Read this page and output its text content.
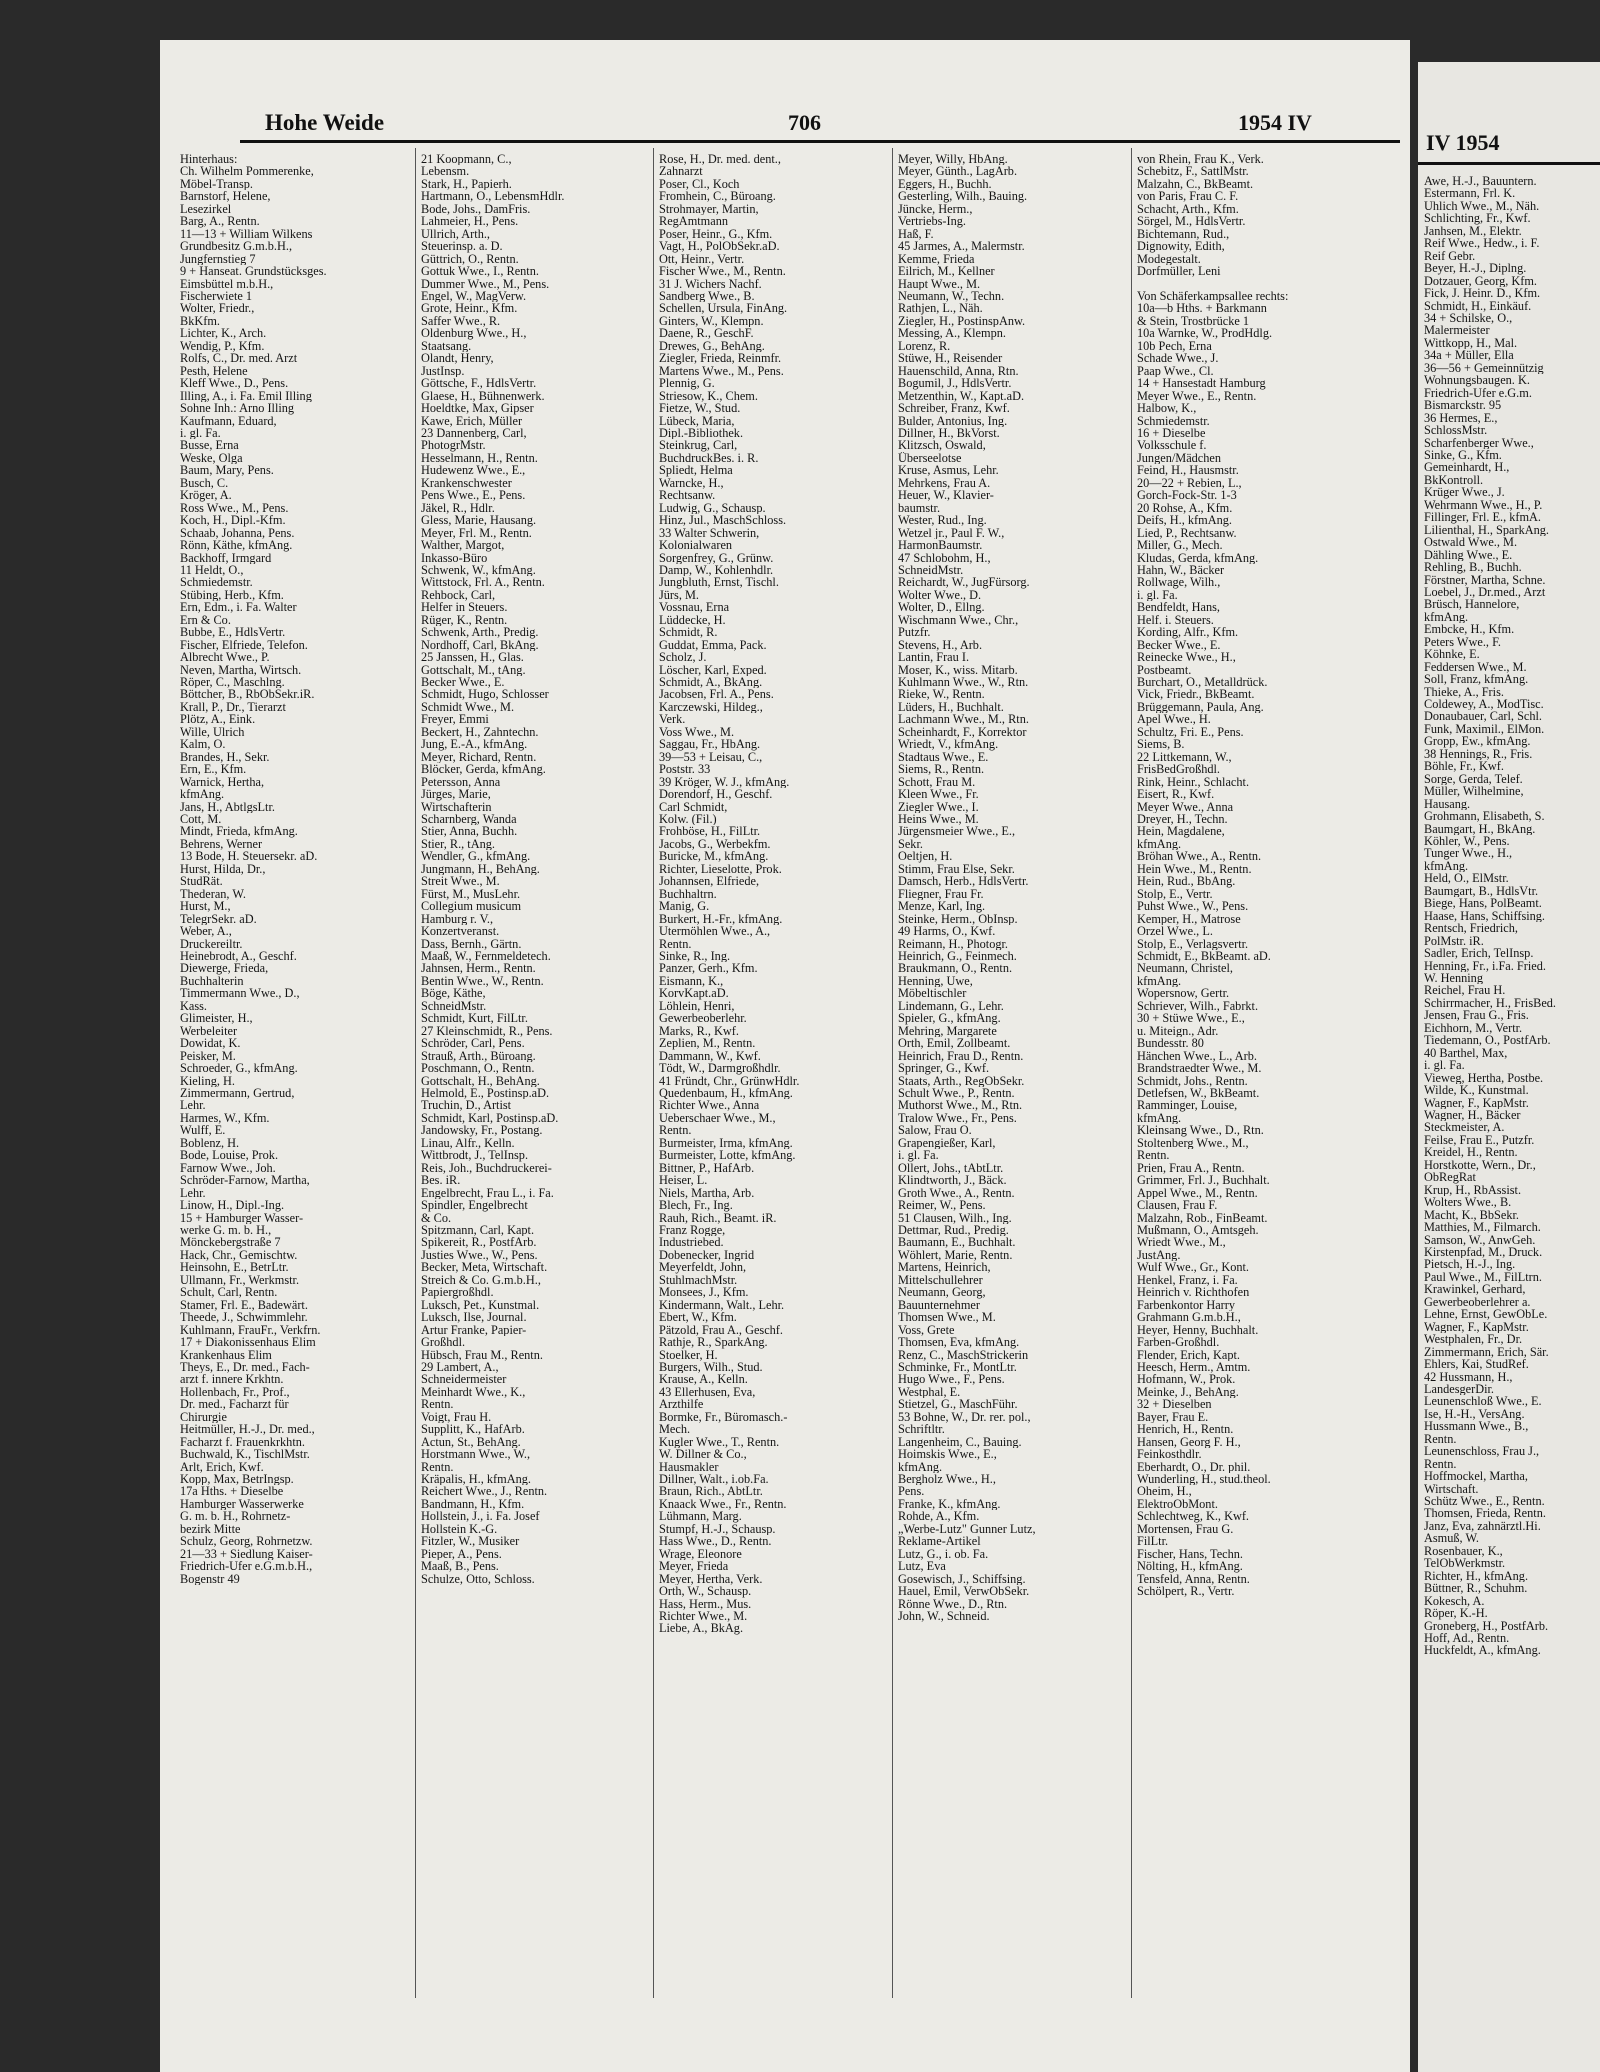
Hohe Weide	706	1954 IV
Hinterhaus:
Ch. Wilhelm Pommerenke,
Möbel-Transp.
Barnstorf, Helene,
Lesezirkel
Barg, A., Rentn.
11—13 + William Wilkens
Grundbesitz G.m.b.H.,
Jungfernstieg 7
9 + Hanseat. Grundstücksges.
Eimsbüttel m.b.H.,
Fischerwiete 1
Wolter, Friedr.,
BkKfm.
Lichter, K., Arch.
Wendig, P., Kfm.
Rolfs, C., Dr. med. Arzt
Pesth, Helene
Kleff Wwe., D., Pens.
Illing, A., i. Fa. Emil Illing
Sohne Inh.: Arno Illing
Kaufmann, Eduard,
i. gl. Fa.
Busse, Erna
Weske, Olga
Baum, Mary, Pens.
Busch, C.
Kröger, A.
Ross Wwe., M., Pens.
Koch, H., Dipl.-Kfm.
Schaab, Johanna, Pens.
Rönn, Käthe, kfmAng.
Backhoff, Irmgard
11 Heldt, O.,
Schmiedemstr.
Stübing, Herb., Kfm.
Ern, Edm., i. Fa. Walter
Ern & Co.
Bubbe, E., HdlsVertr.
Fischer, Elfriede, Telefon.
Albrecht Wwe., P.
Neven, Martha, Wirtsch.
Röper, C., Maschlng.
Böttcher, B., RbObSekr.iR.
Krall, P., Dr., Tierarzt
Plötz, A., Eink.
Wille, Ulrich
Kalm, O.
Brandes, H., Sekr.
Ern, E., Kfm.
Warnick, Hertha,
kfmAng.
Jans, H., AbtlgsLtr.
Cott, M.
Mindt, Frieda, kfmAng.
Behrens, Werner
13 Bode, H. Steuersekr. aD.
Hurst, Hilda, Dr.,
StudRät.
Thederan, W.
Hurst, M.,
TelegrSekr. aD.
Weber, A.,
Druckereiltr.
Heinebrodt, A., Geschf.
Diewerge, Frieda,
Buchhalterin
Timmermann Wwe., D.,
Kass.
Glimeister, H.,
Werbeleiter
Dowidat, K.
Peisker, M.
Schroeder, G., kfmAng.
Kieling, H.
Zimmermann, Gertrud,
Lehr.
Harmes, W., Kfm.
Wulff, E.
Boblenz, H.
Bode, Louise, Prok.
Farnow Wwe., Joh.
Schröder-Farnow, Martha,
Lehr.
Linow, H., Dipl.-Ing.
15 + Hamburger Wasser-
werke G. m. b. H.,
Mönckebergstraße 7
Hack, Chr., Gemischtw.
Heinsohn, E., BetrLtr.
Ullmann, Fr., Werkmstr.
Schult, Carl, Rentn.
Stamer, Frl. E., Badewärt.
Theede, J., Schwimmlehr.
Kuhlmann, FrauFr., Verkfrn.
17 + Diakonissenhaus Elim
Krankenhaus Elim
Theys, E., Dr. med., Fach-
arzt f. innere Krkhtn.
Hollenbach, Fr., Prof.,
Dr. med., Facharzt für
Chirurgie
Heitmüller, H.-J., Dr. med.,
Facharzt f. Frauenkrkhtn.
Buchwald, K., TischlMstr.
Arlt, Erich, Kwf.
Kopp, Max, BetrIngsp.
17a Hths. + Dieselbe
Hamburger Wasserwerke
G. m. b. H., Rohrnetz-
bezirk Mitte
Schulz, Georg, Rohrnetzw.
21—33 + Siedlung Kaiser-
Friedrich-Ufer e.G.m.b.H.,
Bogenstr 49
21 Koopmann, C.,
Lebensm.
Stark, H., Papierh.
Hartmann, O., LebensmHdlr.
Bode, Johs., DamFris.
Lahmeier, H., Pens.
Ullrich, Arth.,
Steuerinsp. a. D.
Güttrich, O., Rentn.
Gottuk Wwe., I., Rentn.
Dummer Wwe., M., Pens.
Engel, W., MagVerw.
Grote, Heinr., Kfm.
Saffer Wwe., R.
Oldenburg Wwe., H.,
Staatsang.
Olandt, Henry,
JustInsp.
Göttsche, F., HdlsVertr.
Glaese, H., Bühnenwerk.
Hoeldtke, Max, Gipser
Kawe, Erich, Müller
23 Dannenberg, Carl,
PhotogrMstr.
Hesselmann, H., Rentn.
Hudewenz Wwe., E.,
Krankenschwester
Pens Wwe., E., Pens.
Jäkel, R., Hdlr.
Gless, Marie, Hausang.
Meyer, Frl. M., Rentn.
Walther, Margot,
Inkasso-Büro
Schwenk, W., kfmAng.
Wittstock, Frl. A., Rentn.
Rehbock, Carl,
Helfer in Steuers.
Rüger, K., Rentn.
Schwenk, Arth., Predig.
Nordhoff, Carl, BkAng.
25 Janssen, H., Glas.
Gottschalt, M., tAng.
Becker Wwe., E.
Schmidt, Hugo, Schlosser
Schmidt Wwe., M.
Freyer, Emmi
Beckert, H., Zahntechn.
Jung, E.-A., kfmAng.
Meyer, Richard, Rentn.
Blöcker, Gerda, kfmAng.
Petersson, Anna
Jürges, Marie,
Wirtschafterin
Scharnberg, Wanda
Stier, Anna, Buchh.
Stier, R., tAng.
Wendler, G., kfmAng.
Jungmann, H., BehAng.
Streit Wwe., M.
Fürst, M., MusLehr.
Collegium musicum
Hamburg r. V.,
Konzertveranst.
Dass, Bernh., Gärtn.
Maaß, W., Fernmeldetech.
Jahnsen, Herm., Rentn.
Bentin Wwe., W., Rentn.
Böge, Käthe,
SchneidMstr.
Schmidt, Kurt, FilLtr.
27 Kleinschmidt, R., Pens.
Schröder, Carl, Pens.
Strauß, Arth., Büroang.
Poschmann, O., Rentn.
Gottschalt, H., BehAng.
Helmold, E., Postinsp.aD.
Truchin, D., Artist
Schmidt, Karl, Postinsp.aD.
Jandowsky, Fr., Postang.
Linau, Alfr., Kelln.
Wittbrodt, J., TelInsp.
Reis, Joh., Buchdruckerei-
Bes. iR.
Engelbrecht, Frau L., i. Fa.
Spindler, Engelbrecht
& Co.
Spitzmann, Carl, Kapt.
Spikereit, R., PostfArb.
Justies Wwe., W., Pens.
Becker, Meta, Wirtschaft.
Streich & Co. G.m.b.H.,
Papiergroßhdl.
Luksch, Pet., Kunstmal.
Luksch, Ilse, Journal.
Artur Franke, Papier-
Großhdl.
Hübsch, Frau M., Rentn.
29 Lambert, A.,
Schneidermeister
Meinhardt Wwe., K.,
Rentn.
Voigt, Frau H.
Supplitt, K., HafArb.
Actun, St., BehAng.
Horstmann Wwe., W.,
Rentn.
Kräpalis, H., kfmAng.
Reichert Wwe., J., Rentn.
Bandmann, H., Kfm.
Hollstein, J., i. Fa. Josef
Hollstein K.-G.
Fitzler, W., Musiker
Pieper, A., Pens.
Maaß, B., Pens.
Schulze, Otto, Schloss.
Rose, H., Dr. med. dent.,
Zahnarzt
Poser, Cl., Koch
Fromhein, C., Büroang.
Strohmayer, Martin,
RegAmtmann
Poser, Heinr., G., Kfm.
Vagt, H., PolObSekr.aD.
Ott, Heinr., Vertr.
Fischer Wwe., M., Rentn.
31 J. Wichers Nachf.
Sandberg Wwe., B.
Schellen, Ursula, FinAng.
Ginters, W., Klempn.
Daene, R., GeschF.
Drewes, G., BehAng.
Ziegler, Frieda, Reinmfr.
Martens Wwe., M., Pens.
Plennig, G.
Striesow, K., Chem.
Fietze, W., Stud.
Lübeck, Maria,
Dipl.-Bibliothek.
Steinkrug, Carl,
BuchdruckBes. i. R.
Spliedt, Helma
Warncke, H.,
Rechtsanw.
Ludwig, G., Schausp.
Hinz, Jul., MaschSchloss.
33 Walter Schwerin,
Kolonialwaren
Sorgenfrey, G., Grünw.
Damp, W., Kohlenhdlr.
Jungbluth, Ernst, Tischl.
Jürs, M.
Vossnau, Erna
Lüddecke, H.
Schmidt, R.
Guddat, Emma, Pack.
Scholz, J.
Löscher, Karl, Exped.
Schmidt, A., BkAng.
Jacobsen, Frl. A., Pens.
Karczewski, Hildeg.,
Verk.
Voss Wwe., M.
Saggau, Fr., HbAng.
39—53 + Leisau, C.,
Poststr. 33
39 Kröger, W. J., kfmAng.
Dorendorf, H., Geschf.
Carl Schmidt,
Kolw. (Fil.)
Frohböse, H., FilLtr.
Jacobs, G., Werbekfm.
Buricke, M., kfmAng.
Richter, Lieselotte, Prok.
Johannsen, Elfriede,
Buchhaltrn.
Manig, G.
Burkert, H.-Fr., kfmAng.
Utermöhlen Wwe., A.,
Rentn.
Sinke, R., Ing.
Panzer, Gerh., Kfm.
Eismann, K.,
KorvKapt.aD.
Löhlein, Henri,
Gewerbeoberlehr.
Marks, R., Kwf.
Zeplien, M., Rentn.
Dammann, W., Kwf.
Tödt, W., Darmgroßhdlr.
41 Fründt, Chr., GrünwHdlr.
Quedenbaum, H., kfmAng.
Richter Wwe., Anna
Ueberschaer Wwe., M.,
Rentn.
Burmeister, Irma, kfmAng.
Burmeister, Lotte, kfmAng.
Bittner, P., HafArb.
Heiser, L.
Niels, Martha, Arb.
Blech, Fr., Ing.
Rauh, Rich., Beamt. iR.
Franz Rogge,
Industriebed.
Dobenecker, Ingrid
Meyerfeldt, John,
StuhlmachMstr.
Monsees, J., Kfm.
Kindermann, Walt., Lehr.
Ebert, W., Kfm.
Pätzold, Frau A., Geschf.
Rathje, R., SparkAng.
Stoelker, H.
Burgers, Wilh., Stud.
Krause, A., Kelln.
43 Ellerhusen, Eva,
Arzthilfe
Bormke, Fr., Büromasch.-
Mech.
Kugler Wwe., T., Rentn.
W. Dillner & Co.,
Hausmakler
Dillner, Walt., i.ob.Fa.
Braun, Rich., AbtLtr.
Knaack Wwe., Fr., Rentn.
Lühmann, Marg.
Stumpf, H.-J., Schausp.
Hass Wwe., D., Rentn.
Wrage, Eleonore
Meyer, Frieda
Meyer, Hertha, Verk.
Orth, W., Schausp.
Hass, Herm., Mus.
Richter Wwe., M.
Liebe, A., BkAg.
Meyer, Willy, HbAng.
Meyer, Günth., LagArb.
Eggers, H., Buchh.
Gesterling, Wilh., Bauing.
Jüncke, Herm.,
Vertriebs-Ing.
Haß, F.
45 Jarmes, A., Malermstr.
Kemme, Frieda
Eilrich, M., Kellner
Haupt Wwe., M.
Neumann, W., Techn.
Rathjen, L., Näh.
Ziegler, H., PostinspAnw.
Messing, A., Klempn.
Lorenz, R.
Stüwe, H., Reisender
Hauenschild, Anna, Rtn.
Bogumil, J., HdlsVertr.
Metzenthin, W., Kapt.aD.
Schreiber, Franz, Kwf.
Bulder, Antonius, Ing.
Dillner, H., BkVorst.
Klitzsch, Oswald,
Überseelotse
Kruse, Asmus, Lehr.
Mehrkens, Frau A.
Heuer, W., Klavier-
baumstr.
Wester, Rud., Ing.
Wetzel jr., Paul F. W.,
HarmonBaumstr.
47 Schlobohm, H.,
SchneidMstr.
Reichardt, W., JugFürsorg.
Wolter Wwe., D.
Wolter, D., Ellng.
Wischmann Wwe., Chr.,
Putzfr.
Stevens, H., Arb.
Lantin, Frau I.
Moser, K., wiss. Mitarb.
Kuhlmann Wwe., W., Rtn.
Rieke, W., Rentn.
Lüders, H., Buchhalt.
Lachmann Wwe., M., Rtn.
Scheinhardt, F., Korrektor
Wriedt, V., kfmAng.
Stadtaus Wwe., E.
Siems, R., Rentn.
Schott, Frau M.
Kleen Wwe., Fr.
Ziegler Wwe., I.
Heins Wwe., M.
Jürgensmeier Wwe., E.,
Sekr.
Oeltjen, H.
Stimm, Frau Else, Sekr.
Damsch, Herb., HdlsVertr.
Fliegner, Frau Fr.
Menze, Karl, Ing.
Steinke, Herm., ObInsp.
49 Harms, O., Kwf.
Reimann, H., Photogr.
Heinrich, G., Feinmech.
Braukmann, O., Rentn.
Henning, Uwe,
Möbeltischler
Lindemann, G., Lehr.
Spieler, G., kfmAng.
Mehring, Margarete
Orth, Emil, Zollbeamt.
Heinrich, Frau D., Rentn.
Springer, G., Kwf.
Staats, Arth., RegObSekr.
Schult Wwe., P., Rentn.
Muthorst Wwe., M., Rtn.
Tralow Wwe., Fr., Pens.
Salow, Frau O.
Grapengießer, Karl,
i. gl. Fa.
Ollert, Johs., tAbtLtr.
Klindtworth, J., Bäck.
Groth Wwe., A., Rentn.
Reimer, W., Pens.
51 Clausen, Wilh., Ing.
Dettmar, Rud., Predig.
Baumann, E., Buchhalt.
Wöhlert, Marie, Rentn.
Martens, Heinrich,
Mittelschullehrer
Neumann, Georg,
Bauunternehmer
Thomsen Wwe., M.
Voss, Grete
Thomsen, Eva, kfmAng.
Renz, C., MaschStrickerin
Schminke, Fr., MontLtr.
Hugo Wwe., F., Pens.
Westphal, E.
Stietzel, G., MaschFühr.
53 Bohne, W., Dr. rer. pol.,
Schriftltr.
Langenheim, C., Bauing.
Hoimskis Wwe., E.,
kfmAng.
Bergholz Wwe., H.,
Pens.
Franke, K., kfmAng.
Rohde, A., Kfm.
„Werbe-Lutz" Gunner Lutz,
Reklame-Artikel
Lutz, G., i. ob. Fa.
Lutz, Eva
Gosewisch, J., Schiffsing.
Hauel, Emil, VerwObSekr.
Rönne Wwe., D., Rtn.
John, W., Schneid.
von Rhein, Frau K., Verk.
Schebitz, F., SattlMstr.
Malzahn, C., BkBeamt.
von Paris, Frau C. F.
Schacht, Arth., Kfm.
Sörgel, M., HdlsVertr.
Bichtemann, Rud.,
Dignowity, Edith,
Modegestalt.
Dorfmüller, Leni

Von Schäferkampsallee rechts:
10a—b Hths. + Barkmann
& Stein, Trostbrücke 1
10a Warnke, W., ProdHdlg.
10b Pech, Erna
Schade Wwe., J.
Paap Wwe., Cl.
14 + Hansestadt Hamburg
Meyer Wwe., E., Rentn.
Halbow, K.,
Schmiedemstr.
16 + Dieselbe
Volksschule f.
Jungen/Mädchen
Feind, H., Hausmstr.
20—22 + Rebien, L.,
Gorch-Fock-Str. 1-3
20 Rohse, A., Kfm.
Deifs, H., kfmAng.
Lied, P., Rechtsanw.
Miller, G., Mech.
Kludas, Gerda, kfmAng.
Hahn, W., Bäcker
Rollwage, Wilh.,
i. gl. Fa.
Bendfeldt, Hans,
Helf. i. Steuers.
Kording, Alfr., Kfm.
Becker Wwe., E.
Reinecke Wwe., H.,
Postbeamt.
Burchart, O., Metalldrück.
Vick, Friedr., BkBeamt.
Brüggemann, Paula, Ang.
Apel Wwe., H.
Schultz, Fri. E., Pens.
Siems, B.
22 Littkemann, W.,
FrisBedGroßhdl.
Rink, Heinr., Schlacht.
Eisert, R., Kwf.
Meyer Wwe., Anna
Dreyer, H., Techn.
Hein, Magdalene,
kfmAng.
Bröhan Wwe., A., Rentn.
Hein Wwe., M., Rentn.
Hein, Rud., BbAng.
Stolp, E., Vertr.
Puhst Wwe., W., Pens.
Kemper, H., Matrose
Orzel Wwe., L.
Stolp, E., Verlagsvertr.
Schmidt, E., BkBeamt. aD.
Neumann, Christel,
kfmAng.
Wopersnow, Gertr.
Schriever, Wilh., Fabrkt.
30 + Stüwe Wwe., E.,
u. Miteign., Adr.
Bundesstr. 80
Hänchen Wwe., L., Arb.
Brandstraedter Wwe., M.
Schmidt, Johs., Rentn.
Detlefsen, W., BkBeamt.
Ramminger, Louise,
kfmAng.
Kleinsang Wwe., D., Rtn.
Stoltenberg Wwe., M.,
Rentn.
Prien, Frau A., Rentn.
Grimmer, Frl. J., Buchhalt.
Appel Wwe., M., Rentn.
Clausen, Frau F.
Malzahn, Rob., FinBeamt.
Mußmann, O., Amtsgeh.
Wriedt Wwe., M.,
JustAng.
Wulf Wwe., Gr., Kont.
Henkel, Franz, i. Fa.
Heinrich v. Richthofen
Farbenkontor Harry
Grahmann G.m.b.H.,
Heyer, Henny, Buchhalt.
Farben-Großhdl.
Flender, Erich, Kapt.
Heesch, Herm., Amtm.
Hofmann, W., Prok.
Meinke, J., BehAng.
32 + Dieselben
Bayer, Frau E.
Henrich, H., Rentn.
Hansen, Georg F. H.,
Feinkosthdlr.
Eberhardt, O., Dr. phil.
Wunderling, H., stud.theol.
Oheim, H.,
ElektroObMont.
Schlechtweg, K., Kwf.
Mortensen, Frau G.
FilLtr.
Fischer, Hans, Techn.
Nölting, H., kfmAng.
Tensfeld, Anna, Rentn.
Schölpert, R., Vertr.
IV 1954
Awe, H.-J., Bauuntern.
Estermann, Frl. K.
Uhlich Wwe., M., Näh.
Schlichting, Fr., Kwf.
Janhsen, M., Elektr.
Reif Wwe., Hedw., i. F.
Reif Gebr.
Beyer, H.-J., Diplng.
Dotzauer, Georg, Kfm.
Fick, J. Heinr. D., Kfm.
Schmidt, H., Einkäuf.
34 + Schilske, O.,
Malermeister
Wittkopp, H., Mal.
34a + Müller, Ella
36—56 + Gemeinnützig
Wohnungsbaugen. K.
Friedrich-Ufer e.G.m.
Bismarckstr. 95
36 Hermes, E.,
SchlossMstr.
Scharfenberger Wwe.,
Sinke, G., Kfm.
Gemeinhardt, H.,
BkKontroll.
Krüger Wwe., J.
Wehrmann Wwe., H., P.
Fillinger, Frl. E., kfmA.
Lilienthal, H., SparkAng.
Ostwald Wwe., M.
Dähling Wwe., E.
Rehling, B., Buchh.
Förstner, Martha, Schne.
Loebel, J., Dr.med., Arzt
Brüsch, Hannelore,
kfmAng.
Embcke, H., Kfm.
Peters Wwe., F.
Köhnke, E.
Feddersen Wwe., M.
Soll, Franz, kfmAng.
Thieke, A., Fris.
Coldewey, A., ModTisc.
Donaubauer, Carl, Schl.
Funk, Maximil., ElMon.
Gropp, Ew., kfmAng.
38 Hennings, R., Fris.
Böhle, Fr., Kwf.
Sorge, Gerda, Telef.
Müller, Wilhelmine,
Hausang.
Grohmann, Elisabeth, S.
Baumgart, H., BkAng.
Köhler, W., Pens.
Tunger Wwe., H.,
kfmAng.
Held, O., ElMstr.
Baumgart, B., HdlsVtr.
Biege, Hans, PolBeamt.
Haase, Hans, Schiffsing.
Rentsch, Friedrich,
PolMstr. iR.
Sadler, Erich, TelInsp.
Henning, Fr., i.Fa. Fried.
W. Henning
Reichel, Frau H.
Schirrmacher, H., FrisBed.
Jensen, Frau G., Fris.
Eichhorn, M., Vertr.
Tiedemann, O., PostfArb.
40 Barthel, Max,
i. gl. Fa.
Vieweg, Hertha, Postbe.
Wilde, K., Kunstmal.
Wagner, F., KapMstr.
Wagner, H., Bäcker
Steckmeister, A.
Feilse, Frau E., Putzfr.
Kreidel, H., Rentn.
Horstkotte, Wern., Dr.,
ObRegRat
Krup, H., RbAssist.
Wolters Wwe., B.
Macht, K., BbSekr.
Matthies, M., Filmarch.
Samson, W., AnwGeh.
Kirstenpfad, M., Druck.
Pietsch, H.-J., Ing.
Paul Wwe., M., FilLtrn.
Krawinkel, Gerhard,
Gewerbeoberlehrer a.
Lehne, Ernst, GewObLe.
Wagner, F., KapMstr.
Westphalen, Fr., Dr.
Zimmermann, Erich, Sär.
Ehlers, Kai, StudRef.
42 Hussmann, H.,
LandesgerDir.
Leunenschloß Wwe., E.
Ise, H.-H., VersAng.
Hussmann Wwe., B.,
Rentn.
Leunenschloss, Frau J.,
Rentn.
Hoffmockel, Martha,
Wirtschaft.
Schütz Wwe., E., Rentn.
Thomsen, Frieda, Rentn.
Janz, Eva, zahnärztl.Hi.
Asmuß, W.
Rosenbauer, K.,
TelObWerkmstr.
Richter, H., kfmAng.
Büttner, R., Schuhm.
Kokesch, A.
Röper, K.-H.
Groneberg, H., PostfArb.
Hoff, Ad., Rentn.
Huckfeldt, A., kfmAng.
